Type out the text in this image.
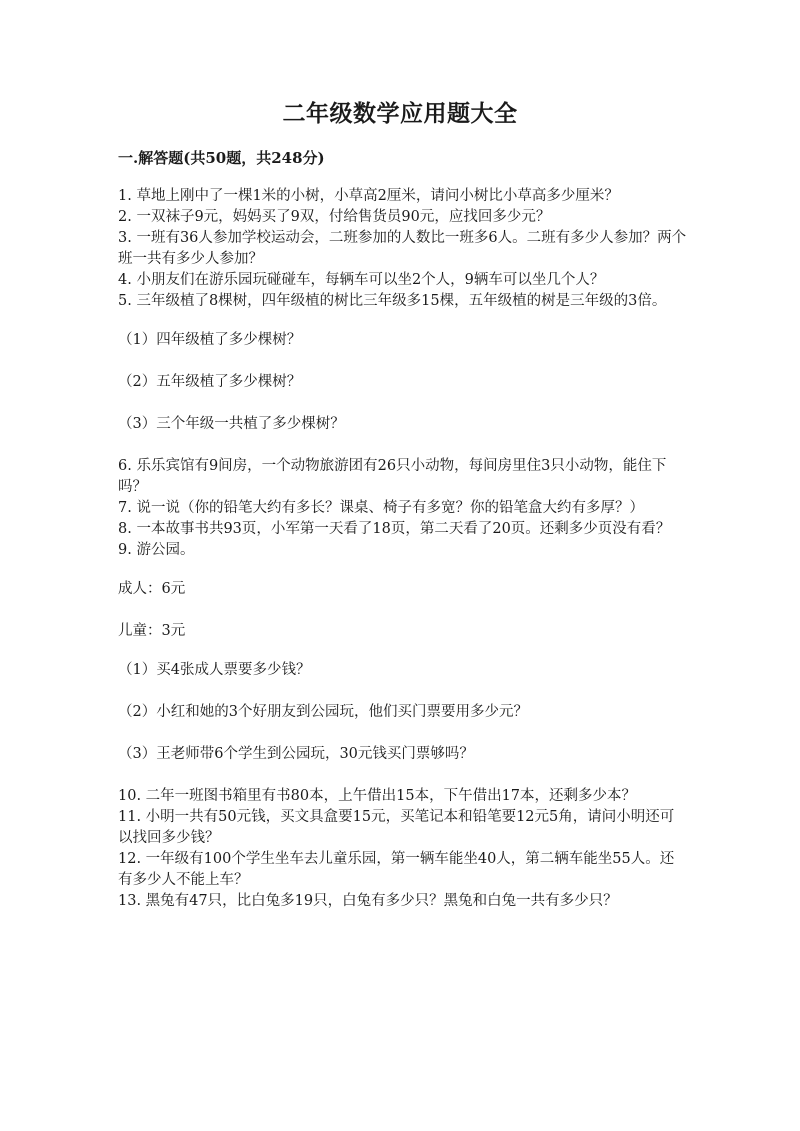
二年级数学应用题大全
一.解答题(共50题，共248分)

1. 草地上刚中了一棵1米的小树，小草高2厘米，请问小树比小草高多少厘米？

2. 一双袜子9元，妈妈买了9双，付给售货员90元，应找回多少元？

3. 一班有36人参加学校运动会，二班参加的人数比一班多6人。二班有多少人参加？两个班一共有多少人参加？

4. 小朋友们在游乐园玩碰碰车，每辆车可以坐2个人，9辆车可以坐几个人？

5. 三年级植了8棵树，四年级植的树比三年级多15棵，五年级植的树是三年级的3倍。

（1）四年级植了多少棵树？

（2）五年级植了多少棵树？

（3）三个年级一共植了多少棵树？

6. 乐乐宾馆有9间房，一个动物旅游团有26只小动物，每间房里住3只小动物，能住下吗？

7. 说一说（你的铅笔大约有多长？课桌、椅子有多宽？你的铅笔盒大约有多厚？）

8. 一本故事书共93页，小军第一天看了18页，第二天看了20页。还剩多少页没有看？

9. 游公园。

成人：6元

儿童：3元

（1）买4张成人票要多少钱？

（2）小红和她的3个好朋友到公园玩，他们买门票要用多少元？

（3）王老师带6个学生到公园玩，30元钱买门票够吗？

10. 二年一班图书箱里有书80本，上午借出15本，下午借出17本，还剩多少本？

11. 小明一共有50元钱，买文具盒要15元，买笔记本和铅笔要12元5角，请问小明还可以找回多少钱？

12. 一年级有100个学生坐车去儿童乐园，第一辆车能坐40人，第二辆车能坐55人。还有多少人不能上车？

13. 黑兔有47只，比白兔多19只，白兔有多少只？黑兔和白兔一共有多少只？
